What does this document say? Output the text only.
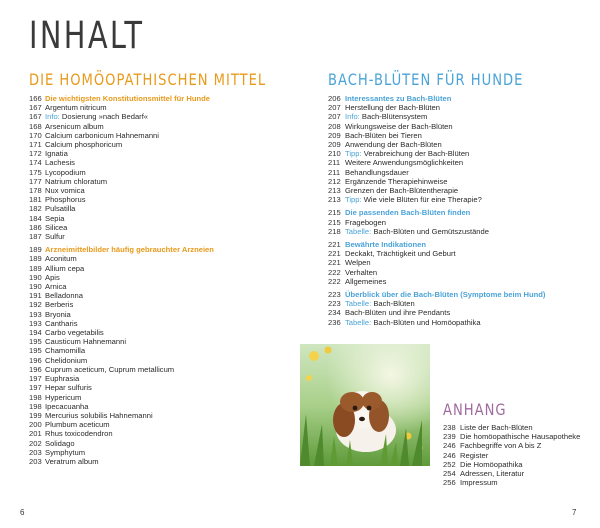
INHALT
DIE HOMÖOPATHISCHEN MITTEL
166 Die wichtigsten Konstitutionsmittel für Hunde
167 Argentum nitricum
167 Info: Dosierung »nach Bedarf«
168 Arsenicum album
170 Calcium carbonicum Hahnemanni
171 Calcium phosphoricum
172 Ignatia
174 Lachesis
175 Lycopodium
177 Natrium chloratum
178 Nux vomica
181 Phosphorus
182 Pulsatilla
184 Sepia
186 Silicea
187 Sulfur
189 Arzneimittelbilder häufig gebrauchter Arzneien
189 Aconitum
189 Allium cepa
190 Apis
190 Arnica
191 Belladonna
192 Berberis
193 Bryonia
193 Cantharis
194 Carbo vegetabilis
195 Causticum Hahnemanni
195 Chamomilla
196 Chelidonium
196 Cuprum aceticum, Cuprum metallicum
197 Euphrasia
197 Hepar sulfuris
198 Hypericum
198 Ipecacuanha
199 Mercurius solubilis Hahnemanni
200 Plumbum aceticum
201 Rhus toxicodendron
202 Solidago
203 Symphytum
203 Veratrum album
BACH-BLÜTEN FÜR HUNDE
206 Interessantes zu Bach-Blüten
207 Herstellung der Bach-Blüten
207 Info: Bach-Blütensystem
208 Wirkungsweise der Bach-Blüten
209 Bach-Blüten bei Tieren
209 Anwendung der Bach-Blüten
210 Tipp: Verabreichung der Bach-Blüten
211 Weitere Anwendungsmöglichkeiten
211 Behandlungsdauer
212 Ergänzende Therapiehinweise
213 Grenzen der Bach-Blütentherapie
213 Tipp: Wie viele Blüten für eine Therapie?
215 Die passenden Bach-Blüten finden
215 Fragebogen
218 Tabelle: Bach-Blüten und Gemütszustände
221 Bewährte Indikationen
221 Deckakt, Trächtigkeit und Geburt
221 Welpen
222 Verhalten
222 Allgemeines
223 Überblick über die Bach-Blüten (Symptome beim Hund)
223 Tabelle: Bach-Blüten
234 Bach-Blüten und ihre Pendants
236 Tabelle: Bach-Blüten und Homöopathika
ANHANG
238 Liste der Bach-Blüten
239 Die homöopathische Hausapotheke
246 Fachbegriffe von A bis Z
246 Register
252 Die Homöopathika
254 Adressen, Literatur
256 Impressum
6	7
